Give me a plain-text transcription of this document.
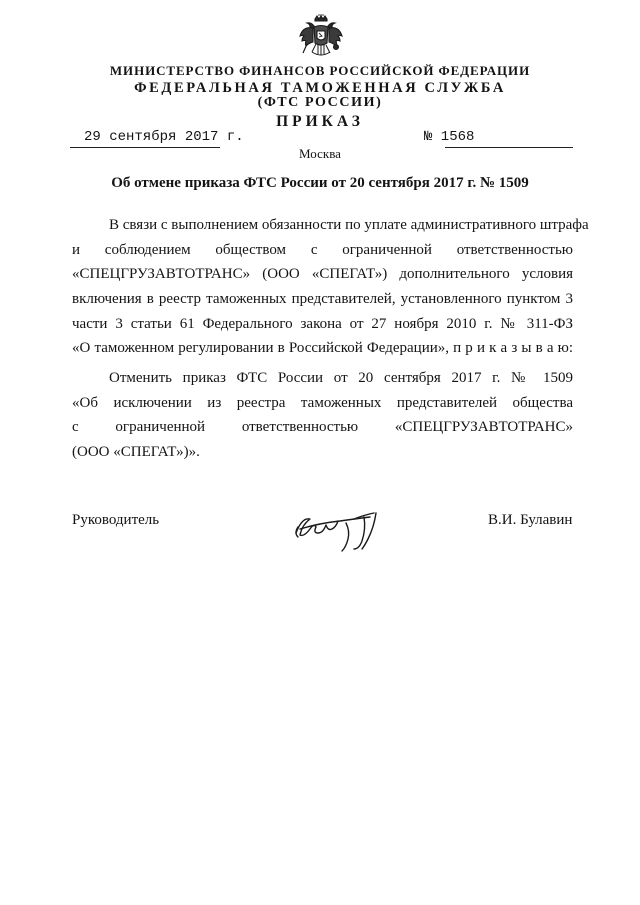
МИНИСТЕРСТВО ФИНАНСОВ РОССИЙСКОЙ ФЕДЕРАЦИИ
ФЕДЕРАЛЬНАЯ ТАМОЖЕННАЯ СЛУЖБА
(ФТС РОССИИ)
ПРИКАЗ
29 сентября 2017 г.	№ 1568
Москва
Об отмене приказа ФТС России от 20 сентября 2017 г. № 1509
В связи с выполнением обязанности по уплате административного штрафа
и соблюдением обществом с ограниченной ответственностью
«СПЕЦГРУЗАВТОТРАНС» (ООО «СПЕГАТ») дополнительного условия
включения в реестр таможенных представителей, установленного пунктом 3
части 3 статьи 61 Федерального закона от 27 ноября 2010 г. № 311-ФЗ
«О таможенном регулировании в Российской Федерации», п р и к а з ы в а ю:
Отменить приказ ФТС России от 20 сентября 2017 г. № 1509
«Об исключении из реестра таможенных представителей общества
с ограниченной ответственностью «СПЕЦГРУЗАВТОТРАНС»
(ООО «СПЕГАТ»)».
Руководитель	В.И. Булавин
